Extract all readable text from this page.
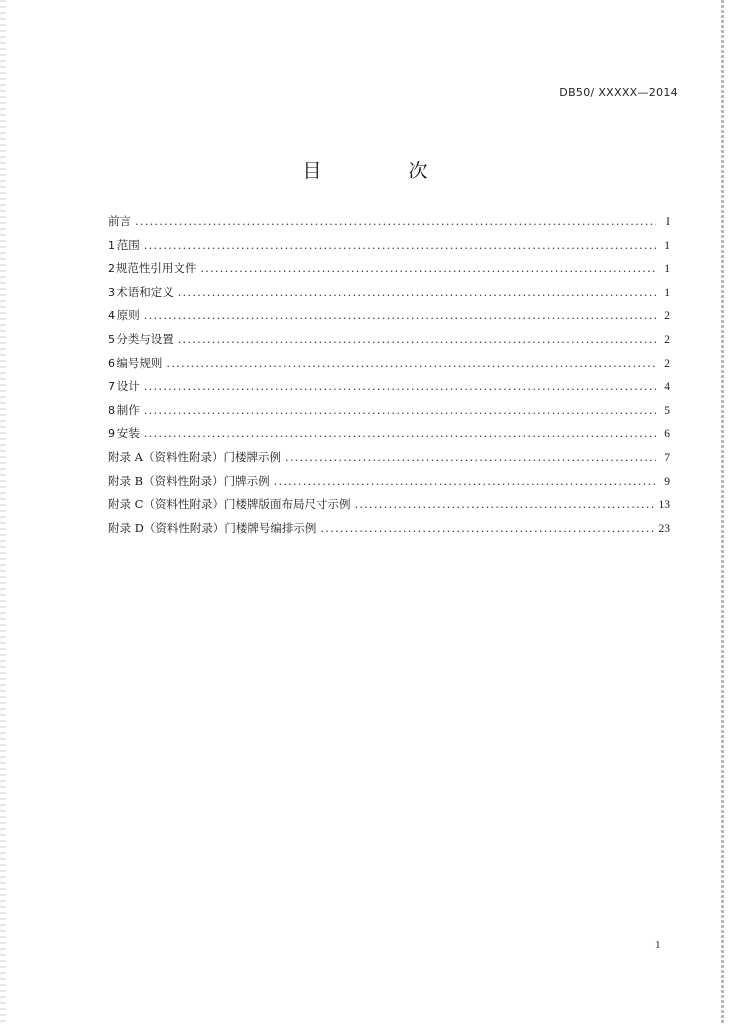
DB50/ XXXXX—2014
目　次
前言 .....	I
1 范围 .....	1
2 规范性引用文件 .....	1
3 术语和定义 .....	1
4 原则 .....	2
5 分类与设置 .....	2
6 编号规则 .....	2
7 设计 .....	4
8 制作 .....	5
9 安装 .....	6
附录 A （资料性附录） 门楼牌示例 .....	7
附录 B （资料性附录） 门牌示例 .....	9
附录 C （资料性附录） 门楼牌版面布局尺寸示例 .....	13
附录 D （资料性附录） 门楼牌号编排示例 .....	23
1
